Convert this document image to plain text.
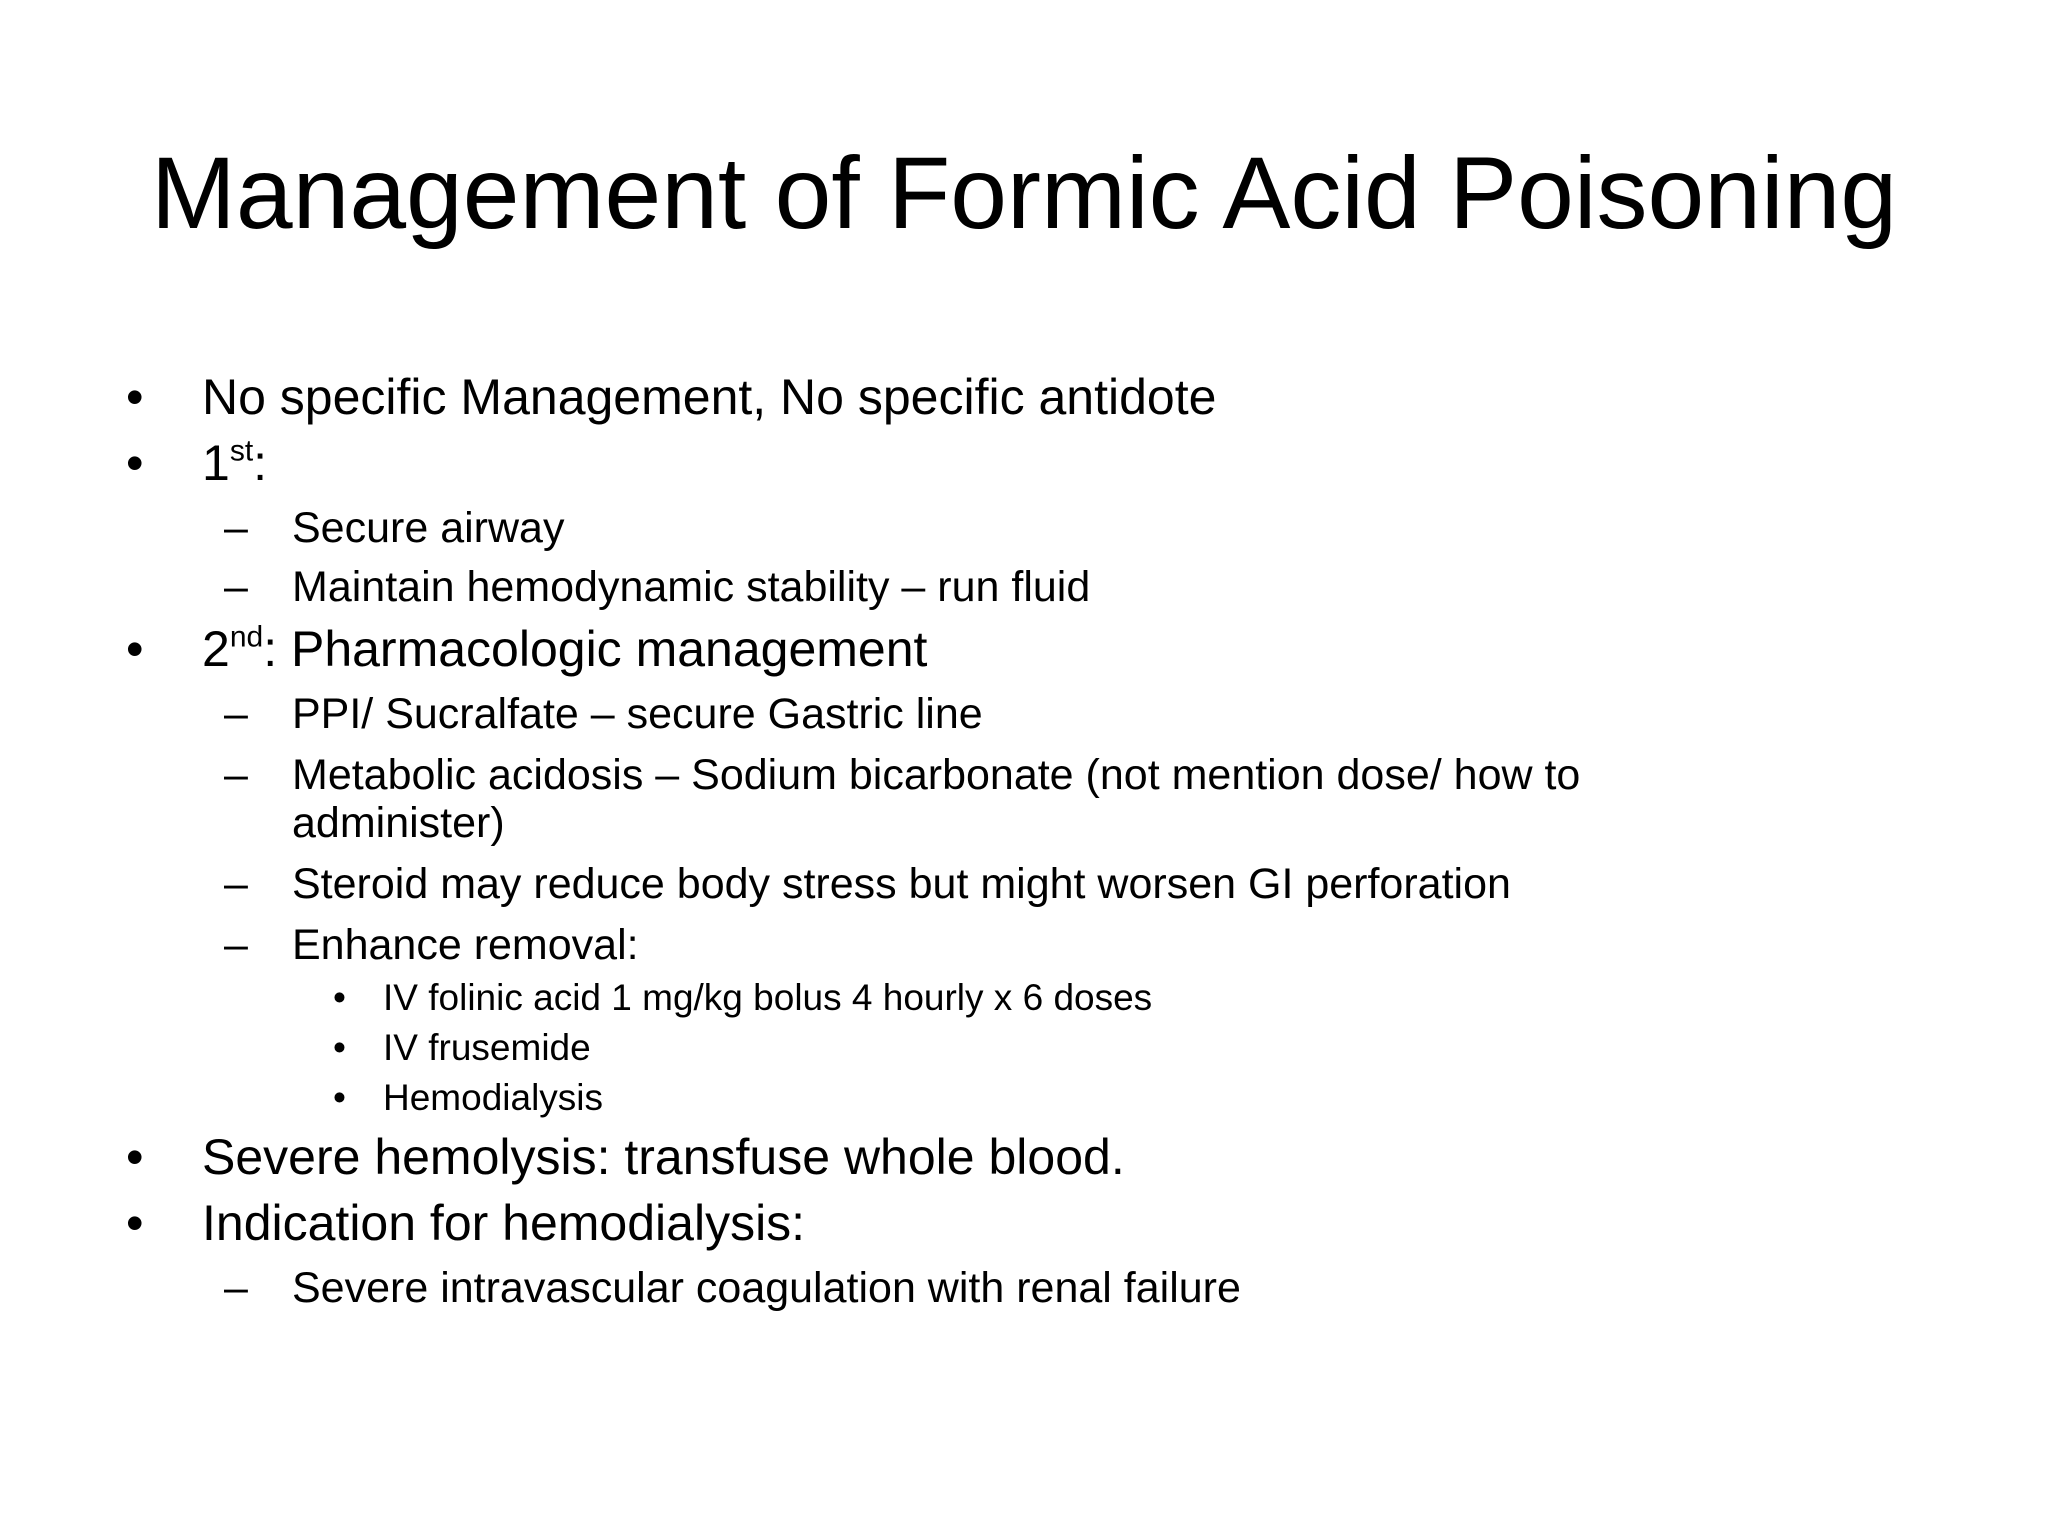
Management of Formic Acid Poisoning
• No specific Management, No specific antidote
• 1st:
– Secure airway
– Maintain hemodynamic stability – run fluid
• 2nd: Pharmacologic management
– PPI/ Sucralfate – secure Gastric line
– Metabolic acidosis – Sodium bicarbonate (not mention dose/ how to
administer)
– Steroid may reduce body stress but might worsen GI perforation
– Enhance removal:
• IV folinic acid 1 mg/kg bolus 4 hourly x 6 doses
• IV frusemide
• Hemodialysis
• Severe hemolysis: transfuse whole blood.
• Indication for hemodialysis:
– Severe intravascular coagulation with renal failure
